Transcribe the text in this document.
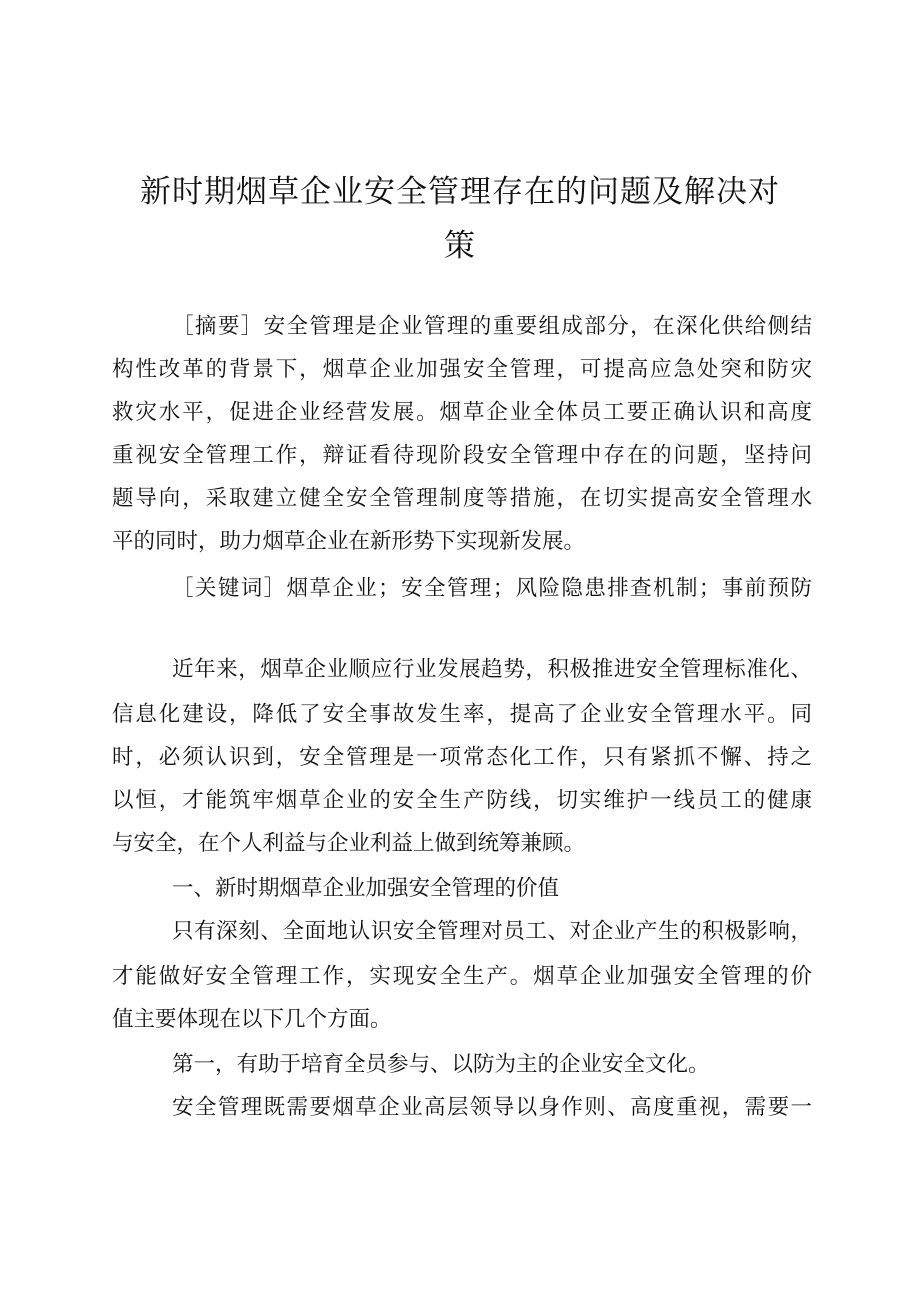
新时期烟草企业安全管理存在的问题及解决对
策
［摘要］安全管理是企业管理的重要组成部分，在深化供给侧结
构性改革的背景下，烟草企业加强安全管理，可提高应急处突和防灾
救灾水平，促进企业经营发展。烟草企业全体员工要正确认识和高度
重视安全管理工作，辩证看待现阶段安全管理中存在的问题，坚持问
题导向，采取建立健全安全管理制度等措施，在切实提高安全管理水
平的同时，助力烟草企业在新形势下实现新发展。
［关键词］烟草企业；安全管理；风险隐患排查机制；事前预防
近年来，烟草企业顺应行业发展趋势，积极推进安全管理标准化、
信息化建设，降低了安全事故发生率，提高了企业安全管理水平。同
时，必须认识到，安全管理是一项常态化工作，只有紧抓不懈、持之
以恒，才能筑牢烟草企业的安全生产防线，切实维护一线员工的健康
与安全，在个人利益与企业利益上做到统筹兼顾。
一、新时期烟草企业加强安全管理的价值
只有深刻、全面地认识安全管理对员工、对企业产生的积极影响，
才能做好安全管理工作，实现安全生产。烟草企业加强安全管理的价
值主要体现在以下几个方面。
第一，有助于培育全员参与、以防为主的企业安全文化。
安全管理既需要烟草企业高层领导以身作则、高度重视，需要一
